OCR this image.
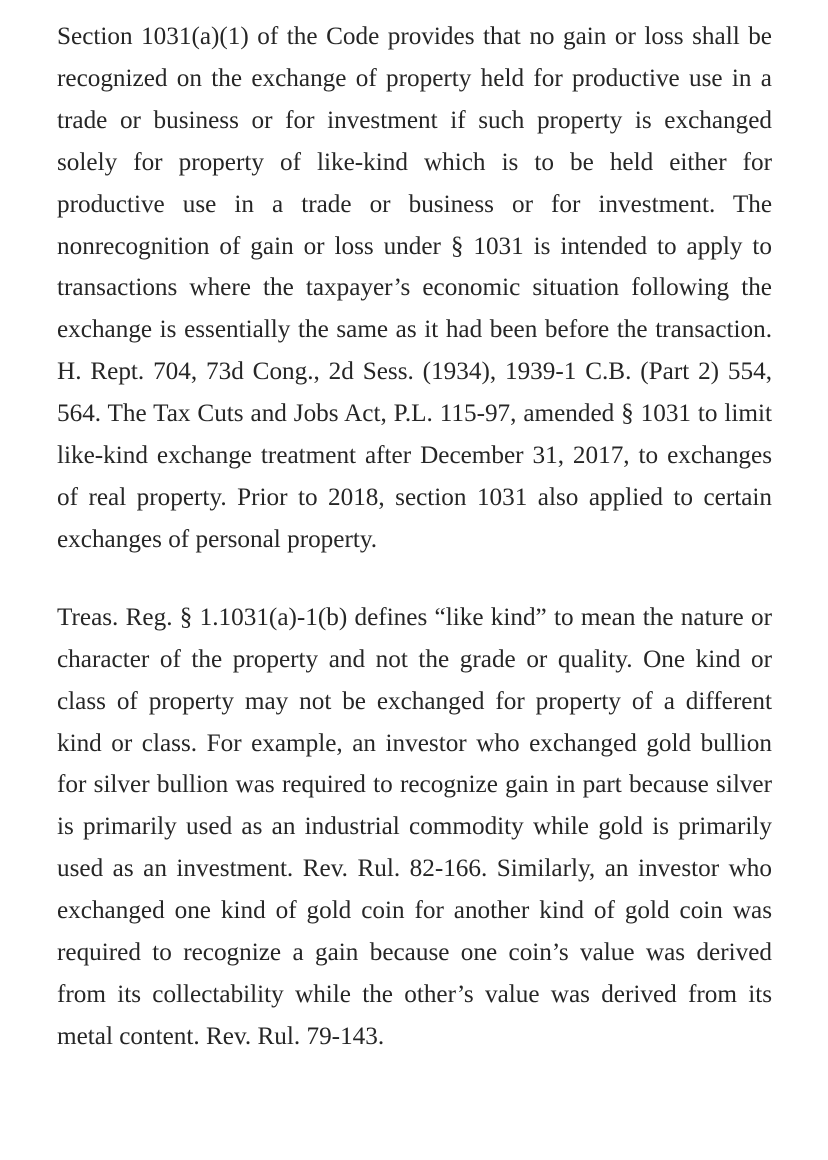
Section 1031(a)(1) of the Code provides that no gain or loss shall be recognized on the exchange of property held for productive use in a trade or business or for investment if such property is exchanged solely for property of like-kind which is to be held either for productive use in a trade or business or for investment. The nonrecognition of gain or loss under § 1031 is intended to apply to transactions where the taxpayer’s economic situation following the exchange is essentially the same as it had been before the transaction. H. Rept. 704, 73d Cong., 2d Sess. (1934), 1939-1 C.B. (Part 2) 554, 564. The Tax Cuts and Jobs Act, P.L. 115-97, amended § 1031 to limit like-kind exchange treatment after December 31, 2017, to exchanges of real property. Prior to 2018, section 1031 also applied to certain exchanges of personal property.

Treas. Reg. § 1.1031(a)-1(b) defines “like kind” to mean the nature or character of the property and not the grade or quality. One kind or class of property may not be exchanged for property of a different kind or class. For example, an investor who exchanged gold bullion for silver bullion was required to recognize gain in part because silver is primarily used as an industrial commodity while gold is primarily used as an investment. Rev. Rul. 82-166. Similarly, an investor who exchanged one kind of gold coin for another kind of gold coin was required to recognize a gain because one coin’s value was derived from its collectability while the other’s value was derived from its metal content. Rev. Rul. 79-143.
